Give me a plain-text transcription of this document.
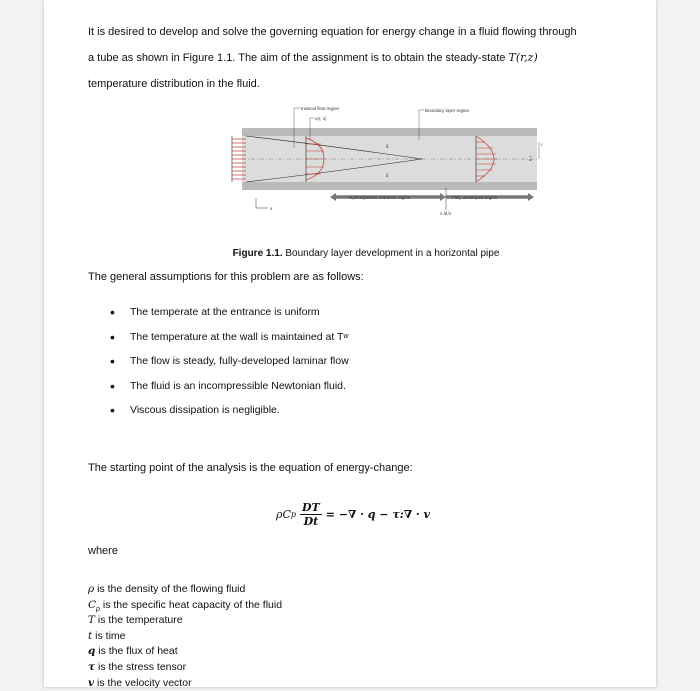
It is desired to develop and solve the governing equation for energy change in a fluid flowing through
a tube as shown in Figure 1.1. The aim of the assignment is to obtain the steady-state T(r,z)
temperature distribution in the fluid.

Inviscid flow region
u(r, x)
Boundary layer region
δ
δ
Hydrodynamic entrance region	Fully developed region
x fd,h
x
r
r o

Figure 1.1. Boundary layer development in a horizontal pipe

The general assumptions for this problem are as follows:

•	The temperate at the entrance is uniform
•	The temperature at the wall is maintained at T w
•	The flow is steady, fully-developed laminar flow
•	The fluid is an incompressible Newtonian fluid.
•	Viscous dissipation is negligible.

The starting point of the analysis is the equation of energy-change:

ρC p $\frac{DT}{Dt}$ = −∇ · q − τ:∇ · v

where

ρ is the density of the flowing fluid
$C_p$ is the specific heat capacity of the fluid
T is the temperature
t is time
q is the flux of heat
τ is the stress tensor
v is the velocity vector
